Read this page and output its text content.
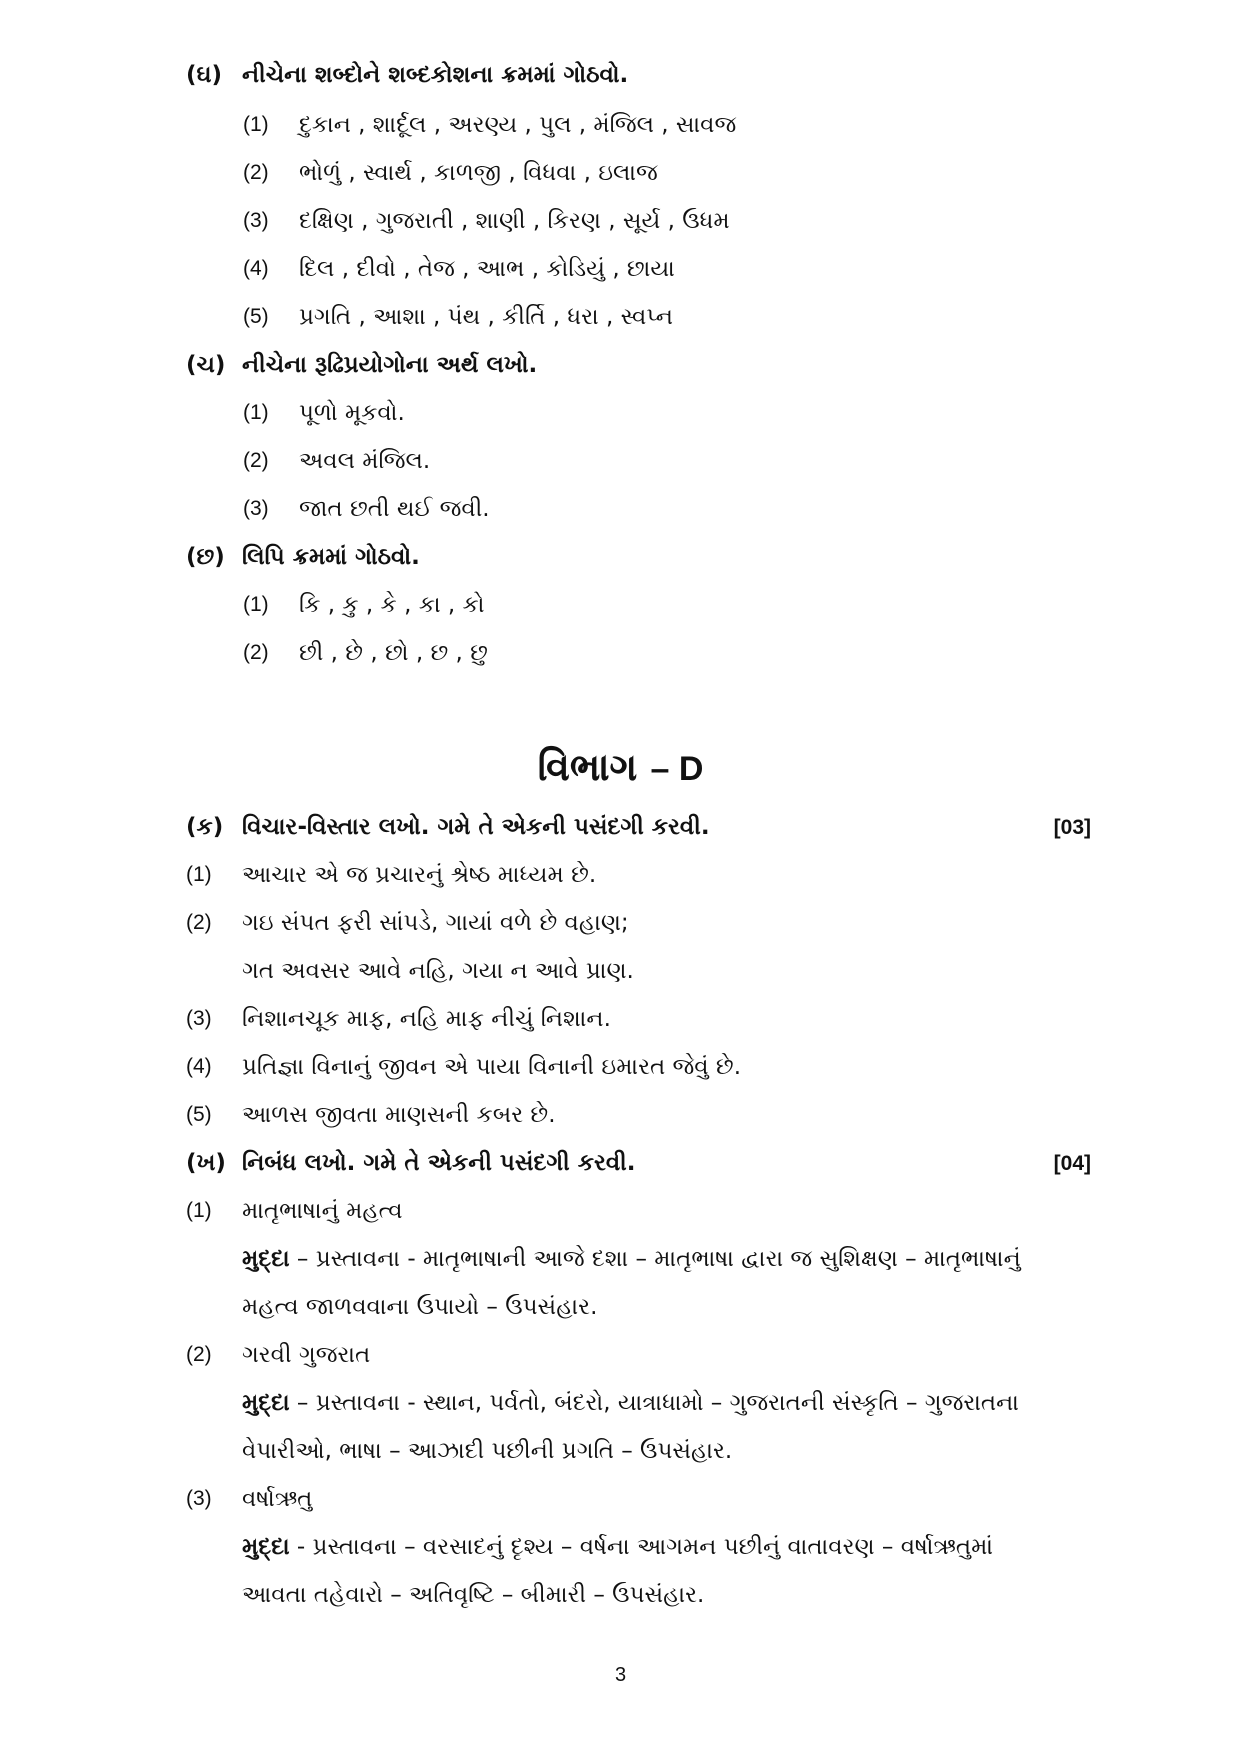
(ઘ) નીચેના શબ્દોને શબ્દકોશના ક્રમમાં ગોઠવો.
(1) દુકાન , શાર્દૂલ , અરણ્ય , પુલ , મંજિલ , સાવજ
(2) ભોળું , સ્વાર્થ , કાળજી , વિધવા , ઇલાજ
(3) દક્ષિણ , ગુજરાતી , શાણી , કિરણ , સૂર્ય , ઉધમ
(4) દિલ , દીવો , તેજ , આભ , કોડિયું , છાયા
(5) પ્રગતિ , આશા , પંથ , કીર્તિ , ધરા , સ્વપ્ન
(ચ) નીચેના રૂઢિપ્રયોગોના અર્થ લખો.
(1) પૂળો મૂકવો.
(2) અવલ મંજિલ.
(3) જાત છતી થઈ જવી.
(છ) લિપિ ક્રમમાં ગોઠવો.
(1) કિ , કુ , કે , કા , કો
(2) છી , છે , છો , છ , છુ
વિભાગ – D
(ક) વિચાર-વિસ્તાર લખો. ગમે તે એકની પસંદગી કરવી.	[03]
(1) આચાર એ જ પ્રચારનું શ્રેષ્ઠ માધ્યમ છે.
(2) ગઇ સંપત ફરી સાંપડે, ગાયાં વળે છે વહાણ;
ગત અવસર આવે નહિ, ગયા ન આવે પ્રાણ.
(3) નિશાનચૂક માફ, નહિ માફ નીચું નિશાન.
(4) પ્રતિજ્ઞા વિનાનું જીવન એ પાયા વિનાની ઇમારત જેવું છે.
(5) આળસ જીવતા માણસની કબર છે.
(ખ) નિબંધ લખો. ગમે તે એકની પસંદગી કરવી.	[04]
(1) માતૃભાષાનું મહત્વ
મુદ્દા – પ્રસ્તાવના - માતૃભાષાની આજે દશા – માતૃભાષા દ્વારા જ સુશિક્ષણ – માતૃભાષાનું
મહત્વ જાળવવાના ઉપાયો – ઉપસંહાર.
(2) ગરવી ગુજરાત
મુદ્દા – પ્રસ્તાવના - સ્થાન, પર્વતો, બંદરો, યાત્રાધામો – ગુજરાતની સંસ્કૃતિ – ગુજરાતના
વેપારીઓ, ભાષા – આઝાદી પછીની પ્રગતિ – ઉપસંહાર.
(3) વર્ષાઋતુ
મુદ્દા - પ્રસ્તાવના – વરસાદનું દૃશ્ય – વર્ષના આગમન પછીનું વાતાવરણ – વર્ષાઋતુમાં
આવતા તહેવારો – અતિવૃષ્ટિ – બીમારી – ઉપસંહાર.
3
